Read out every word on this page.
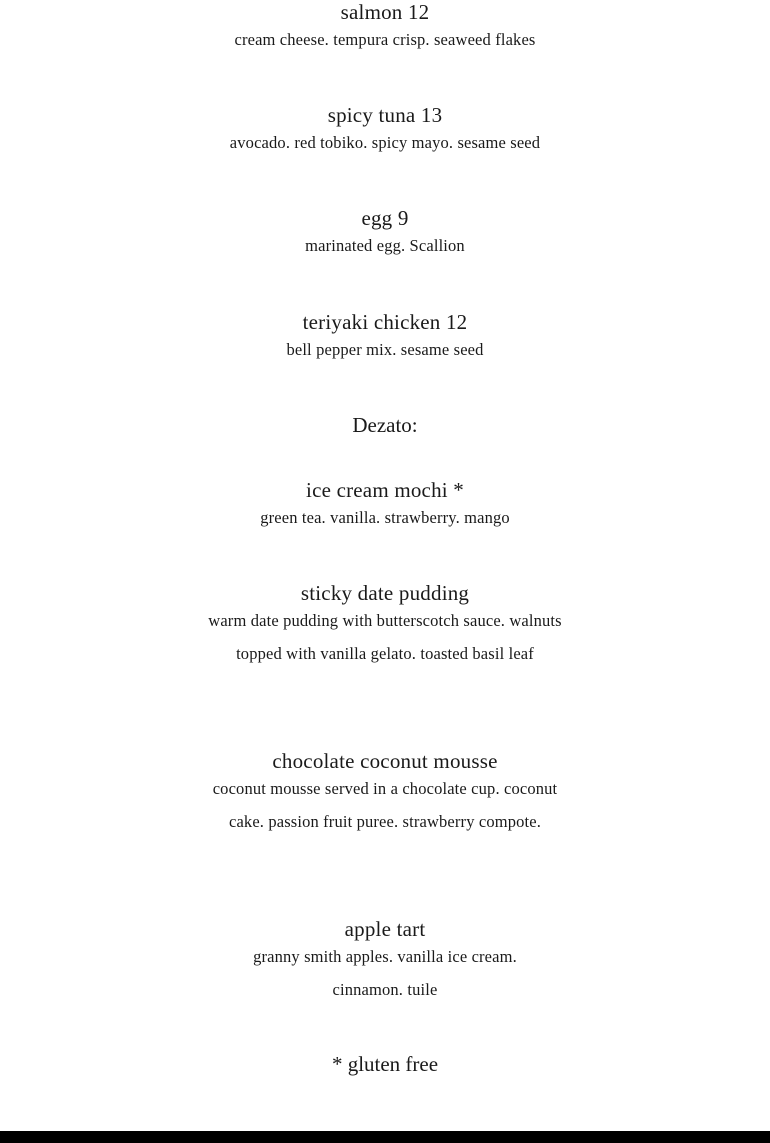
salmon 12

cream cheese. tempura crisp. seaweed flakes

spicy tuna 13

avocado. red tobiko. spicy mayo. sesame seed

egg 9

marinated egg. Scallion

teriyaki chicken 12

bell pepper mix. sesame seed

Dezato:
ice cream mochi *

green tea. vanilla. strawberry. mango

sticky date pudding

warm date pudding with butterscotch sauce. walnuts topped with vanilla gelato. toasted basil leaf

chocolate coconut mousse

coconut mousse served in a chocolate cup. coconut cake. passion fruit puree. strawberry compote.

apple tart

granny smith apples. vanilla ice cream. cinnamon. tuile

* gluten free
